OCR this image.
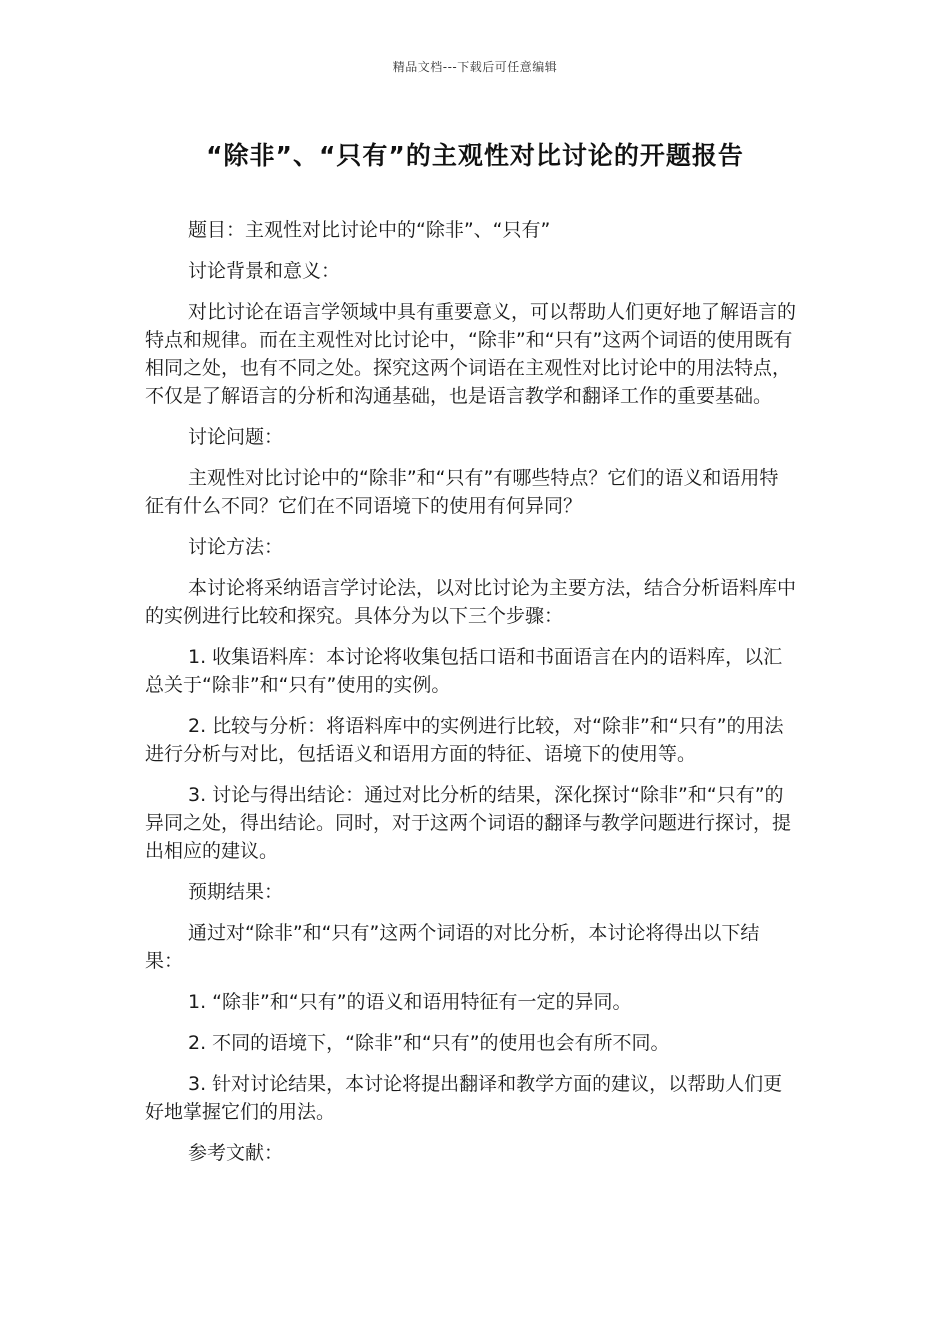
精品文档---下载后可任意编辑
“除非”、“只有”的主观性对比讨论的开题报告

题目：主观性对比讨论中的“除非”、“只有”

讨论背景和意义：

对比讨论在语言学领域中具有重要意义，可以帮助人们更好地了解语言的特点和规律。而在主观性对比讨论中，“除非”和“只有”这两个词语的使用既有相同之处，也有不同之处。探究这两个词语在主观性对比讨论中的用法特点，不仅是了解语言的分析和沟通基础，也是语言教学和翻译工作的重要基础。

讨论问题：

主观性对比讨论中的“除非”和“只有”有哪些特点？它们的语义和语用特征有什么不同？它们在不同语境下的使用有何异同？

讨论方法：

本讨论将采纳语言学讨论法，以对比讨论为主要方法，结合分析语料库中的实例进行比较和探究。具体分为以下三个步骤：

1. 收集语料库：本讨论将收集包括口语和书面语言在内的语料库，以汇总关于“除非”和“只有”使用的实例。

2. 比较与分析：将语料库中的实例进行比较，对“除非”和“只有”的用法进行分析与对比，包括语义和语用方面的特征、语境下的使用等。

3. 讨论与得出结论：通过对比分析的结果，深化探讨“除非”和“只有”的异同之处，得出结论。同时，对于这两个词语的翻译与教学问题进行探讨，提出相应的建议。

预期结果：

通过对“除非”和“只有”这两个词语的对比分析，本讨论将得出以下结果：

1. “除非”和“只有”的语义和语用特征有一定的异同。

2. 不同的语境下，“除非”和“只有”的使用也会有所不同。

3. 针对讨论结果，本讨论将提出翻译和教学方面的建议，以帮助人们更好地掌握它们的用法。

参考文献：
